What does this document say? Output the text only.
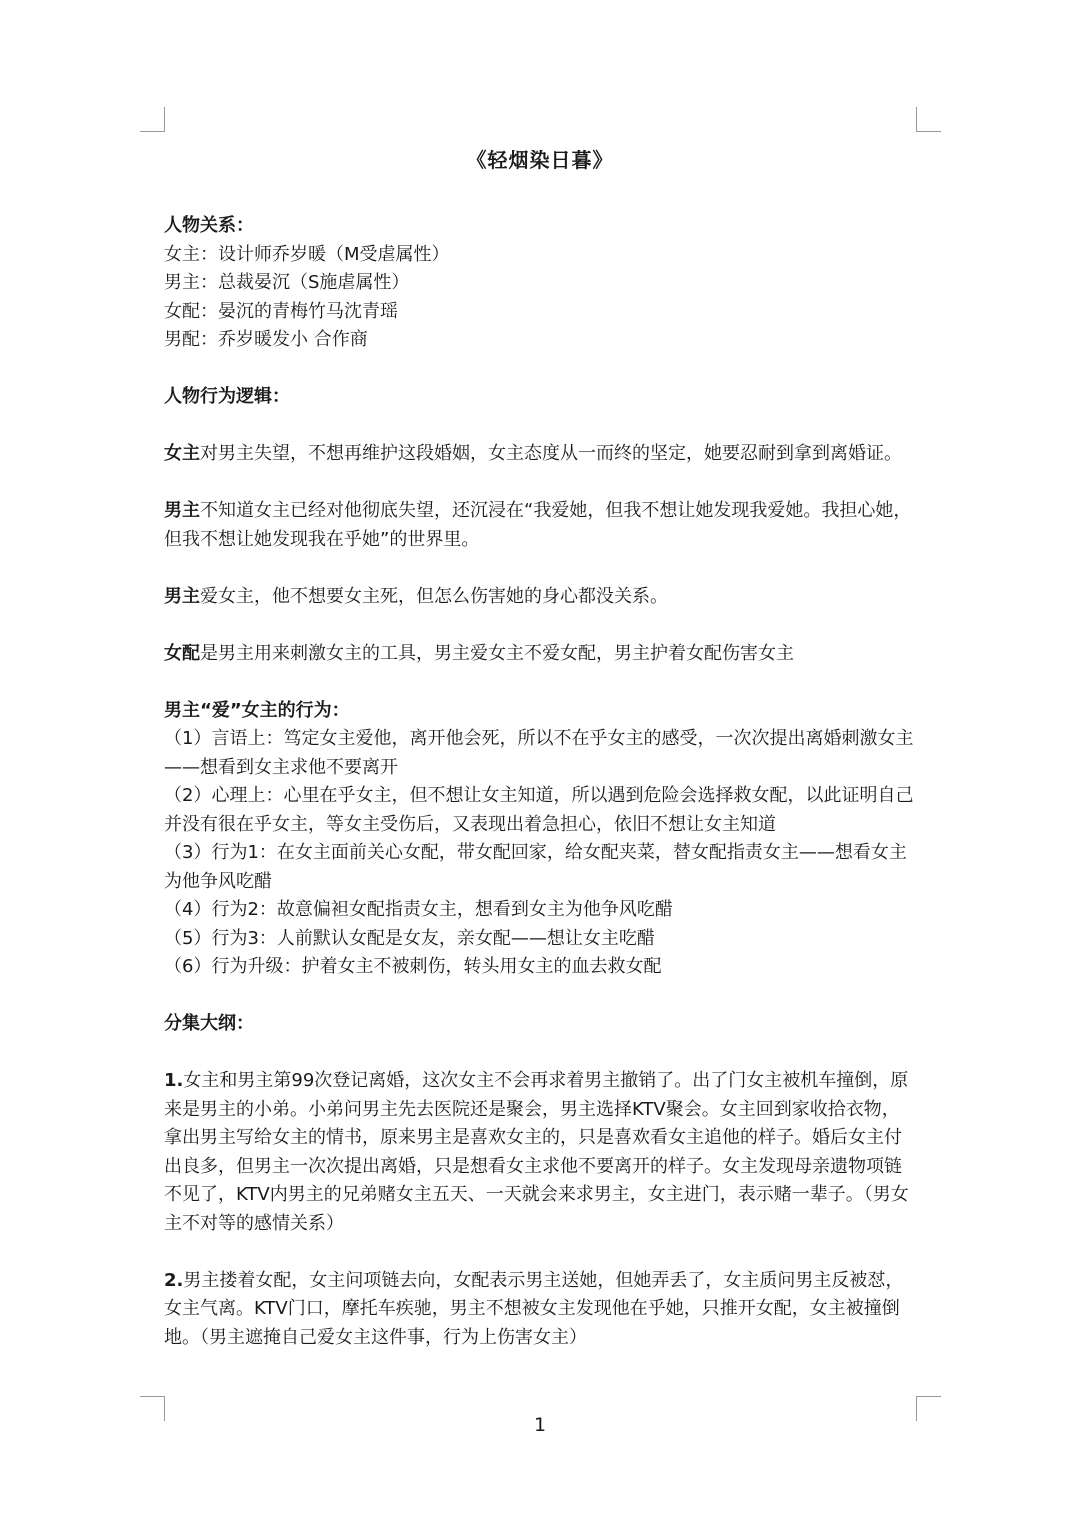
《轻烟染日暮》

人物关系：

女主：设计师乔岁暖（M受虐属性）

男主：总裁晏沉（S施虐属性）

女配：晏沉的青梅竹马沈青瑶

男配：乔岁暖发小 合作商

人物行为逻辑：

女主对男主失望，不想再维护这段婚姻，女主态度从一而终的坚定，她要忍耐到拿到离婚证。

男主不知道女主已经对他彻底失望，还沉浸在“我爱她，但我不想让她发现我爱她。我担心她，但我不想让她发现我在乎她”的世界里。

男主爱女主，他不想要女主死，但怎么伤害她的身心都没关系。

女配是男主用来刺激女主的工具，男主爱女主不爱女配，男主护着女配伤害女主

男主“爱”女主的行为：

（1）言语上：笃定女主爱他，离开他会死，所以不在乎女主的感受，一次次提出离婚刺激女主——想看到女主求他不要离开

（2）心理上：心里在乎女主，但不想让女主知道，所以遇到危险会选择救女配，以此证明自己并没有很在乎女主，等女主受伤后，又表现出着急担心，依旧不想让女主知道

（3）行为1：在女主面前关心女配，带女配回家，给女配夹菜，替女配指责女主——想看女主为他争风吃醋

（4）行为2：故意偏袒女配指责女主，想看到女主为他争风吃醋

（5）行为3：人前默认女配是女友，亲女配——想让女主吃醋

（6）行为升级：护着女主不被刺伤，转头用女主的血去救女配

分集大纲：

1.女主和男主第99次登记离婚，这次女主不会再求着男主撤销了。出了门女主被机车撞倒，原来是男主的小弟。小弟问男主先去医院还是聚会，男主选择KTV聚会。女主回到家收拾衣物，拿出男主写给女主的情书，原来男主是喜欢女主的，只是喜欢看女主追他的样子。婚后女主付出良多，但男主一次次提出离婚，只是想看女主求他不要离开的样子。女主发现母亲遗物项链不见了，KTV内男主的兄弟赌女主五天、一天就会来求男主，女主进门，表示赌一辈子。（男女主不对等的感情关系）

2.男主搂着女配，女主问项链去向，女配表示男主送她，但她弄丢了，女主质问男主反被怼，女主气离。KTV门口，摩托车疾驰，男主不想被女主发现他在乎她，只推开女配，女主被撞倒地。（男主遮掩自己爱女主这件事，行为上伤害女主）

1
